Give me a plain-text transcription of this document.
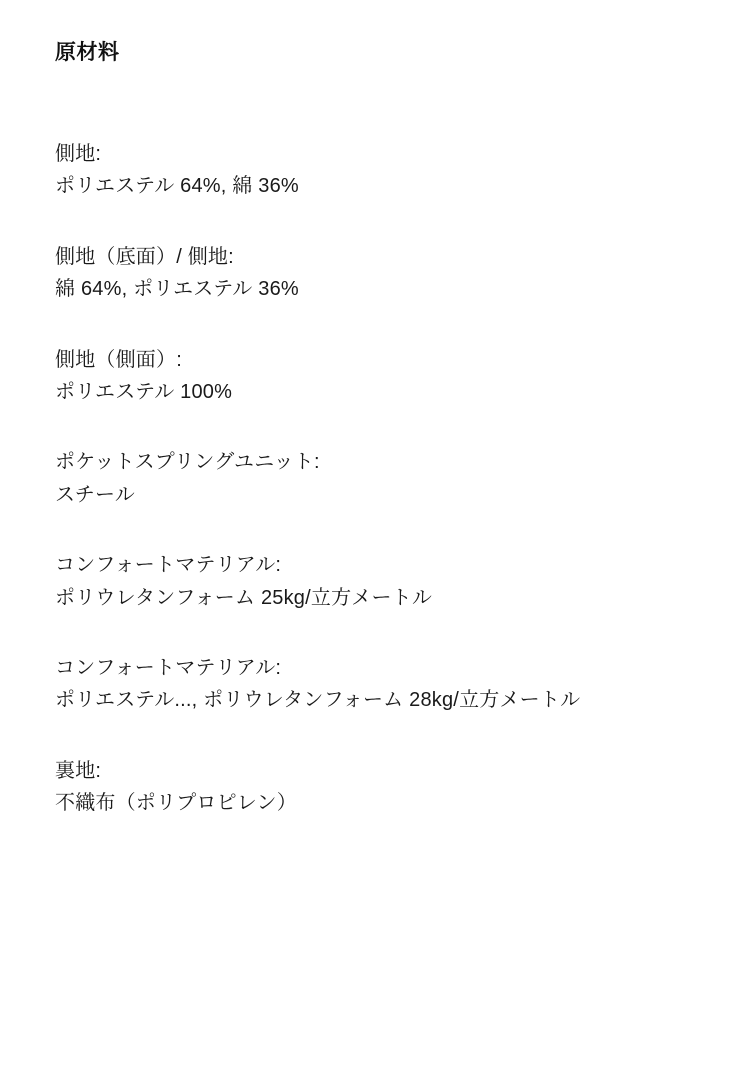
原材料
側地:
ポリエステル 64%, 綿 36%
側地（底面）/ 側地:
綿 64%, ポリエステル 36%
側地（側面）:
ポリエステル 100%
ポケットスプリングユニット:
スチール
コンフォートマテリアル:
ポリウレタンフォーム 25kg/立方メートル
コンフォートマテリアル:
ポリエステル..., ポリウレタンフォーム 28kg/立方メートル
裏地:
不織布（ポリプロピレン）
